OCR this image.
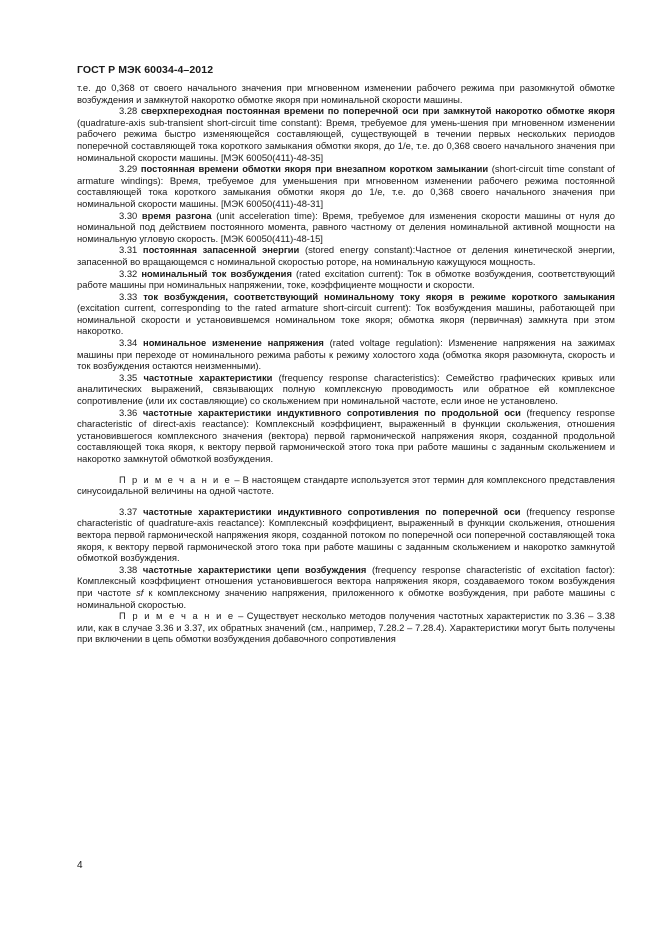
ГОСТ Р МЭК 60034-4–2012

т.е. до 0,368 от своего начального значения при мгновенном изменении рабочего режима при разомкнутой обмотке возбуждения и замкнутой накоротко обмотке якоря при номинальной скорости машины.

3.28 сверхпереходная постоянная времени по поперечной оси при замкнутой накоротко обмотке якоря (quadrature-axis sub-transient short-circuit time constant): Время, требуемое для умень-шения при мгновенном изменении рабочего режима быстро изменяющейся составляющей, существующей в течении первых нескольких периодов поперечной составляющей тока короткого замыкания обмотки якоря, до 1/е, т.е. до 0,368 своего начального значения при номинальной скорости машины. [МЭК 60050(411)-48-35]

3.29 постоянная времени обмотки якоря при внезапном коротком замыкании (short-circuit time constant of armature windings): Время, требуемое для уменьшения при мгновенном изменении рабочего режима постоянной составляющей тока короткого замыкания обмотки якоря до 1/е, т.е. до 0,368 своего начального значения при номинальной скорости машины. [МЭК 60050(411)-48-31]

3.30 время разгона (unit acceleration time): Время, требуемое для изменения скорости машины от нуля до номинальной под действием постоянного момента, равного частному от деления номинальной активной мощности на номинальную угловую скорость. [МЭК 60050(411)-48-15]

3.31 постоянная запасенной энергии (stored energy constant):Частное от деления кинетической энергии, запасенной во вращающемся с номинальной скоростью роторе, на номинальную кажущуюся мощность.

3.32 номинальный ток возбуждения (rated excitation current): Ток в обмотке возбуждения, соответствующий работе машины при номинальных напряжении, токе, коэффициенте мощности и скорости.

3.33 ток возбуждения, соответствующий номинальному току якоря в режиме короткого замыкания (excitation current, corresponding to the rated armature short-circuit current): Ток возбуждения машины, работающей при номинальной скорости и установившемся номинальном токе якоря; обмотка якоря (первичная) замкнута при этом накоротко.

3.34 номинальное изменение напряжения (rated voltage regulation): Изменение напряжения на зажимах машины при переходе от номинального режима работы к режиму холостого хода (обмотка якоря разомкнута, скорость и ток возбуждения остаются неизменными).

3.35 частотные характеристики (frequency response characteristics): Семейство графических кривых или аналитических выражений, связывающих полную комплексную проводимость или обратное ей комплексное сопротивление (или их составляющие) со скольжением при номинальной частоте, если иное не установлено.

3.36 частотные характеристики индуктивного сопротивления по продольной оси (frequency response characteristic of direct-axis reactance): Комплексный коэффициент, выраженный в функции скольжения, отношения установившегося комплексного значения (вектора) первой гармонической напряжения якоря, созданной продольной составляющей тока якоря, к вектору первой гармонической этого тока при работе машины с заданным скольжением и накоротко замкнутой обмоткой возбуждения.

П р и м е ч а н и е – В настоящем стандарте используется этот термин для комплексного представления синусоидальной величины на одной частоте.

3.37 частотные характеристики индуктивного сопротивления по поперечной оси (frequency response characteristic of quadrature-axis reactance): Комплексный коэффициент, выраженный в функции скольжения, отношения вектора первой гармонической напряжения якоря, созданной потоком по поперечной оси поперечной составляющей тока якоря, к вектору первой гармонической этого тока при работе машины с заданным скольжением и накоротко замкнутой обмоткой возбуждения.

3.38 частотные характеристики цепи возбуждения (frequency response characteristic of excitation factor): Комплексный коэффициент отношения установившегося вектора напряжения якоря, создаваемого током возбуждения при частоте sf к комплексному значению напряжения, приложенного к обмотке возбуждения, при работе машины с номинальной скоростью.

П р и м е ч а н и е – Существует несколько методов получения частотных характеристик по 3.36 – 3.38 или, как в случае 3.36 и 3.37, их обратных значений (см., например, 7.28.2 – 7.28.4). Характеристики могут быть получены при включении в цепь обмотки возбуждения добавочного сопротивления

4
